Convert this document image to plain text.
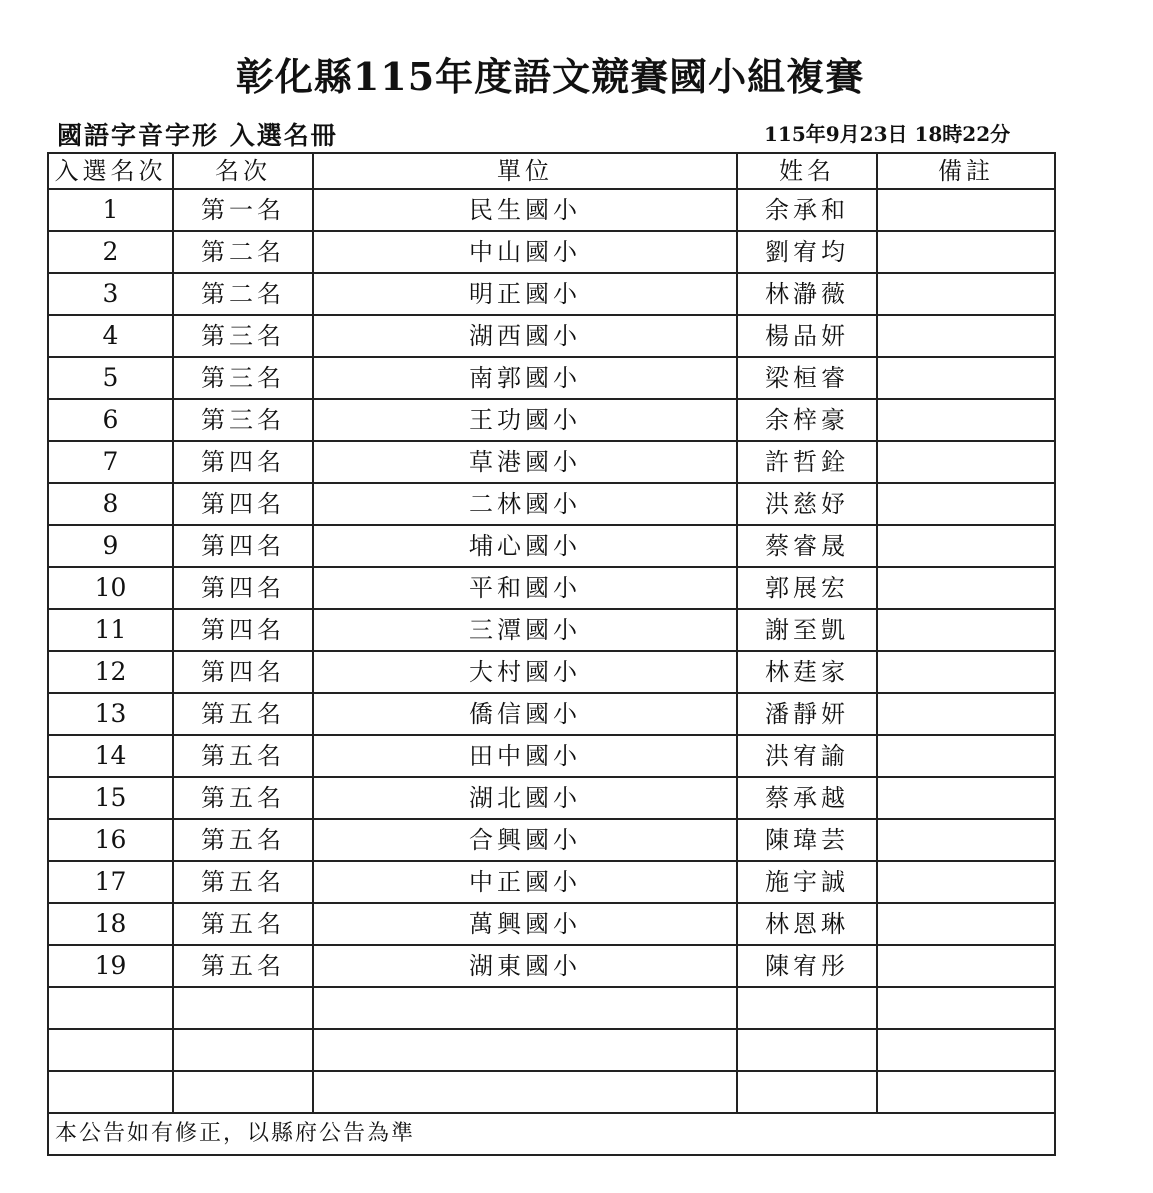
彰化縣115年度語文競賽國小組複賽
國語字音字形 入選名冊	115年9月23日 18時22分
入選名次	名次	單位	姓名	備註
1	第一名	民生國小	余承和	
2	第二名	中山國小	劉宥均	
3	第二名	明正國小	林瀞薇	
4	第三名	湖西國小	楊品妍	
5	第三名	南郭國小	梁桓睿	
6	第三名	王功國小	余梓豪	
7	第四名	草港國小	許哲銓	
8	第四名	二林國小	洪慈妤	
9	第四名	埔心國小	蔡睿晟	
10	第四名	平和國小	郭展宏	
11	第四名	三潭國小	謝至凱	
12	第四名	大村國小	林莛家	
13	第五名	僑信國小	潘靜妍	
14	第五名	田中國小	洪宥諭	
15	第五名	湖北國小	蔡承越	
16	第五名	合興國小	陳瑋芸	
17	第五名	中正國小	施宇誠	
18	第五名	萬興國小	林恩琳	
19	第五名	湖東國小	陳宥彤	

本公告如有修正，以縣府公告為準				
